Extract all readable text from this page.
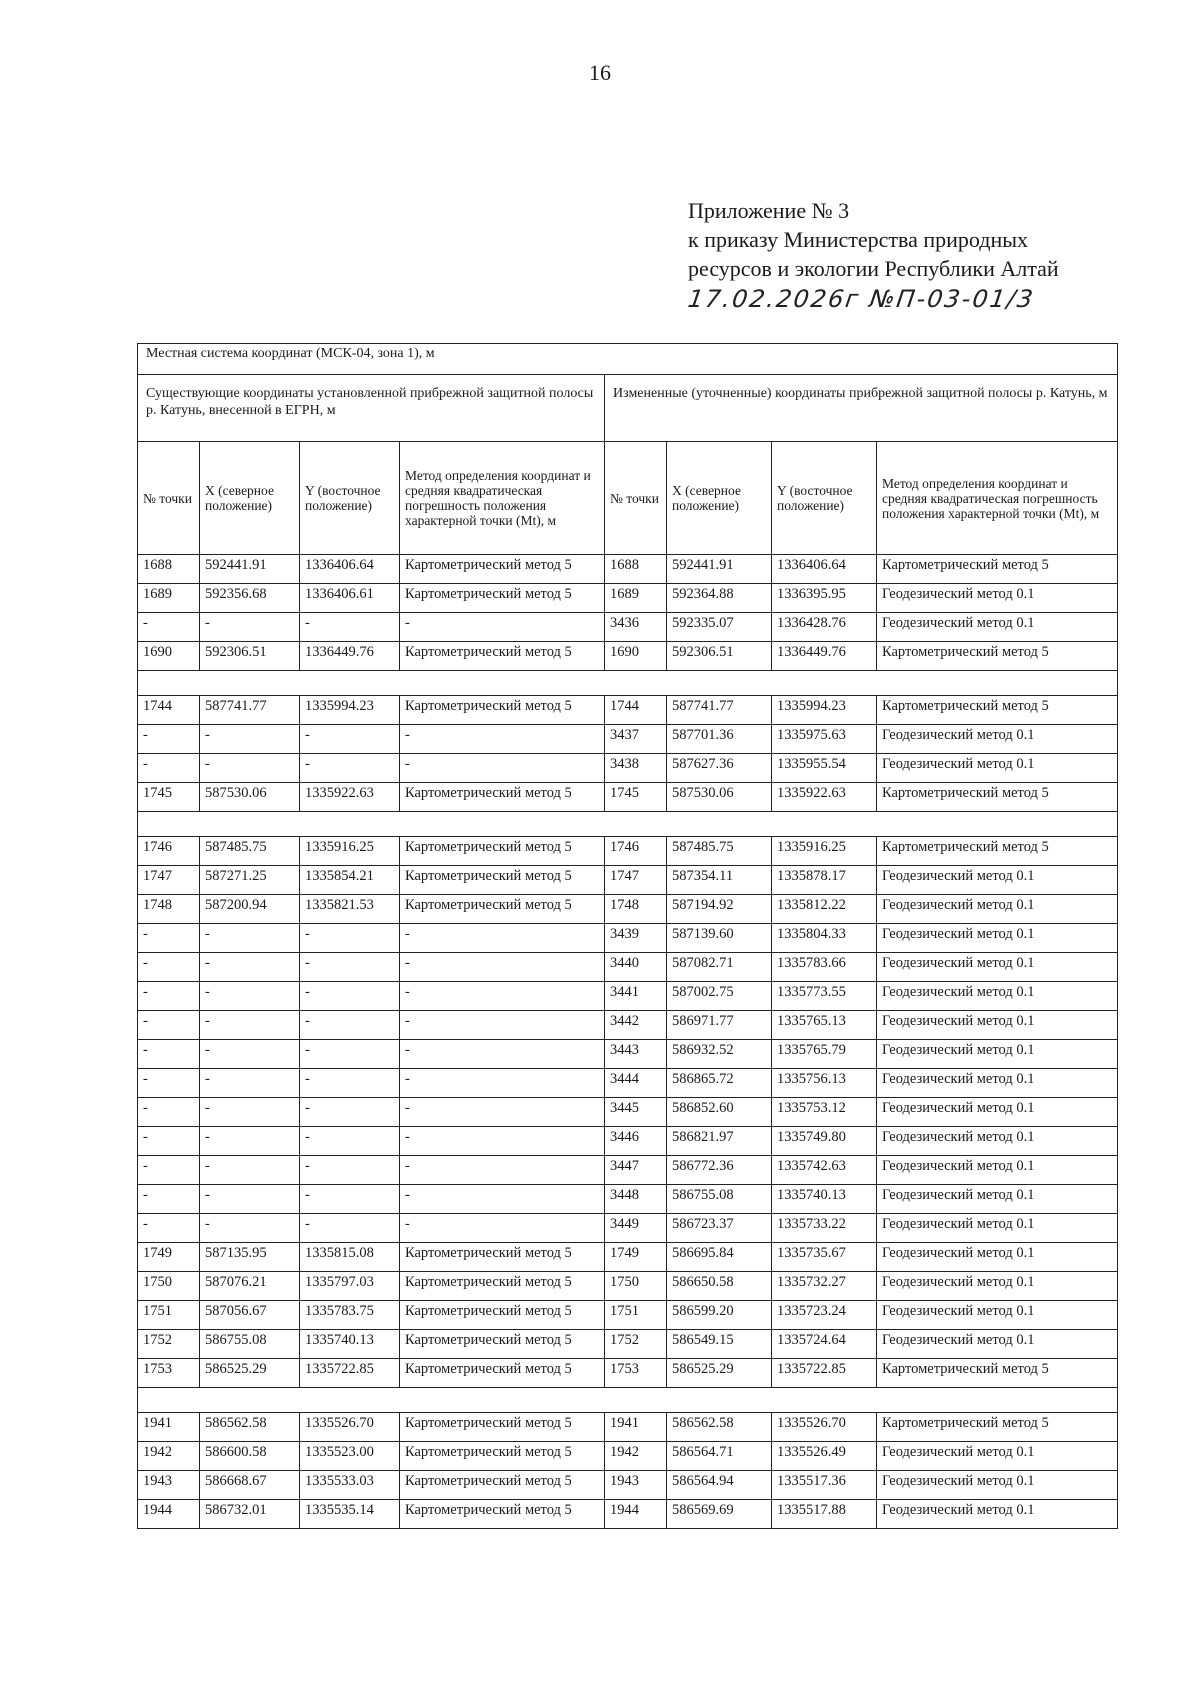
16
Приложение № 3
к приказу Министерства природных
ресурсов и экологии Республики Алтай
17.02.2026г №П-03-01/3
Местная система координат (МСК-04, зона 1), м							
Существующие координаты установленной прибрежной защитной полосы р. Катунь, внесенной в ЕГРН, м				Измененные (уточненные) координаты прибрежной защитной полосы р. Катунь, м			
№ точки	X (северное положение)	Y (восточное положение)	Метод определения координат и средняя квадратическая погрешность положения характерной точки (Mt), м	№ точки	X (северное положение)	Y (восточное положение)	Метод определения координат и средняя квадратическая погрешность положения характерной точки (Mt), м
1688	592441.91	1336406.64	Картометрический метод 5	1688	592441.91	1336406.64	Картометрический метод 5
1689	592356.68	1336406.61	Картометрический метод 5	1689	592364.88	1336395.95	Геодезический метод 0.1
-	-	-	-	3436	592335.07	1336428.76	Геодезический метод 0.1
1690	592306.51	1336449.76	Картометрический метод 5	1690	592306.51	1336449.76	Картометрический метод 5

1744	587741.77	1335994.23	Картометрический метод 5	1744	587741.77	1335994.23	Картометрический метод 5
-	-	-	-	3437	587701.36	1335975.63	Геодезический метод 0.1
-	-	-	-	3438	587627.36	1335955.54	Геодезический метод 0.1
1745	587530.06	1335922.63	Картометрический метод 5	1745	587530.06	1335922.63	Картометрический метод 5

1746	587485.75	1335916.25	Картометрический метод 5	1746	587485.75	1335916.25	Картометрический метод 5
1747	587271.25	1335854.21	Картометрический метод 5	1747	587354.11	1335878.17	Геодезический метод 0.1
1748	587200.94	1335821.53	Картометрический метод 5	1748	587194.92	1335812.22	Геодезический метод 0.1
-	-	-	-	3439	587139.60	1335804.33	Геодезический метод 0.1
-	-	-	-	3440	587082.71	1335783.66	Геодезический метод 0.1
-	-	-	-	3441	587002.75	1335773.55	Геодезический метод 0.1
-	-	-	-	3442	586971.77	1335765.13	Геодезический метод 0.1
-	-	-	-	3443	586932.52	1335765.79	Геодезический метод 0.1
-	-	-	-	3444	586865.72	1335756.13	Геодезический метод 0.1
-	-	-	-	3445	586852.60	1335753.12	Геодезический метод 0.1
-	-	-	-	3446	586821.97	1335749.80	Геодезический метод 0.1
-	-	-	-	3447	586772.36	1335742.63	Геодезический метод 0.1
-	-	-	-	3448	586755.08	1335740.13	Геодезический метод 0.1
-	-	-	-	3449	586723.37	1335733.22	Геодезический метод 0.1
1749	587135.95	1335815.08	Картометрический метод 5	1749	586695.84	1335735.67	Геодезический метод 0.1
1750	587076.21	1335797.03	Картометрический метод 5	1750	586650.58	1335732.27	Геодезический метод 0.1
1751	587056.67	1335783.75	Картометрический метод 5	1751	586599.20	1335723.24	Геодезический метод 0.1
1752	586755.08	1335740.13	Картометрический метод 5	1752	586549.15	1335724.64	Геодезический метод 0.1
1753	586525.29	1335722.85	Картометрический метод 5	1753	586525.29	1335722.85	Картометрический метод 5

1941	586562.58	1335526.70	Картометрический метод 5	1941	586562.58	1335526.70	Картометрический метод 5
1942	586600.58	1335523.00	Картометрический метод 5	1942	586564.71	1335526.49	Геодезический метод 0.1
1943	586668.67	1335533.03	Картометрический метод 5	1943	586564.94	1335517.36	Геодезический метод 0.1
1944	586732.01	1335535.14	Картометрический метод 5	1944	586569.69	1335517.88	Геодезический метод 0.1
